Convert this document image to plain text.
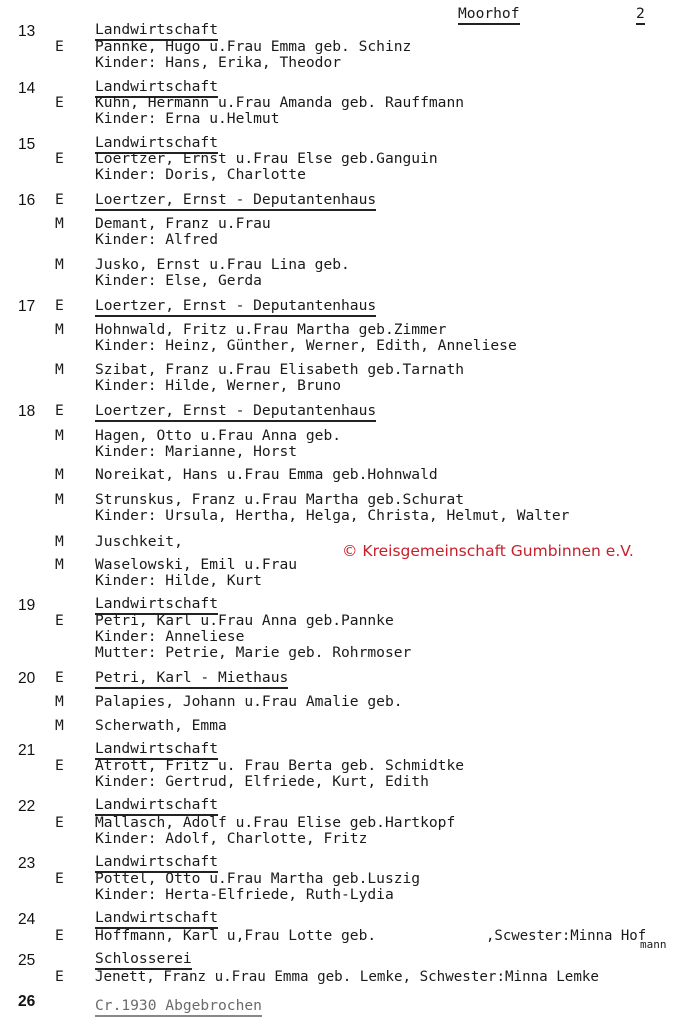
Moorhof	2
13	Landwirtschaft
E Pannke, Hugo u.Frau Emma geb. Schinz
Kinder: Hans, Erika, Theodor
14	Landwirtschaft
E Kühn, Hermann u.Frau Amanda geb. Rauffmann
Kinder: Erna u.Helmut
15	Landwirtschaft
E Loertzer, Ernst u.Frau Else geb.Ganguin
Kinder: Doris, Charlotte
16 E Loertzer, Ernst - Deputantenhaus
M Demant, Franz u.Frau
Kinder: Alfred
M Jusko, Ernst u.Frau Lina geb.
Kinder: Else, Gerda
17 E Loertzer, Ernst - Deputantenhaus
M Hohnwald, Fritz u.Frau Martha geb.Zimmer
Kinder: Heinz, Günther, Werner, Edith, Anneliese
M Szibat, Franz u.Frau Elisabeth geb.Tarnath
Kinder: Hilde, Werner, Bruno
18 E Loertzer, Ernst - Deputantenhaus
M Hagen, Otto u.Frau Anna geb.
Kinder: Marianne, Horst
M Noreikat, Hans u.Frau Emma geb.Hohnwald
M Strunskus, Franz u.Frau Martha geb.Schurat
Kinder: Ursula, Hertha, Helga, Christa, Helmut, Walter
M Juschkeit,
M Waselowski, Emil u.Frau
Kinder: Hilde, Kurt
© Kreisgemeinschaft Gumbinnen e.V.
19	Landwirtschaft
E Petri, Karl u.Frau Anna geb.Pannke
Kinder: Anneliese
Mutter: Petrie, Marie geb. Rohrmoser
20 E Petri, Karl - Miethaus
M Palapies, Johann u.Frau Amalie geb.
M Scherwath, Emma
21	Landwirtschaft
E Atrott, Fritz u. Frau Berta geb. Schmidtke
Kinder: Gertrud, Elfriede, Kurt, Edith
22	Landwirtschaft
E Mallasch, Adolf u.Frau Elise geb.Hartkopf
Kinder: Adolf, Charlotte, Fritz
23	Landwirtschaft
E Pottel, Otto u.Frau Martha geb.Luszig
Kinder: Herta-Elfriede, Ruth-Lydia
24	Landwirtschaft
E Hoffmann, Karl u,Frau Lotte geb.	,Scwester:Minna Hof
mann
25	Schlosserei
E Jenett, Franz u.Frau Emma geb. Lemke, Schwester:Minna Lemke
26	Cr.1930 Abgebrochen
